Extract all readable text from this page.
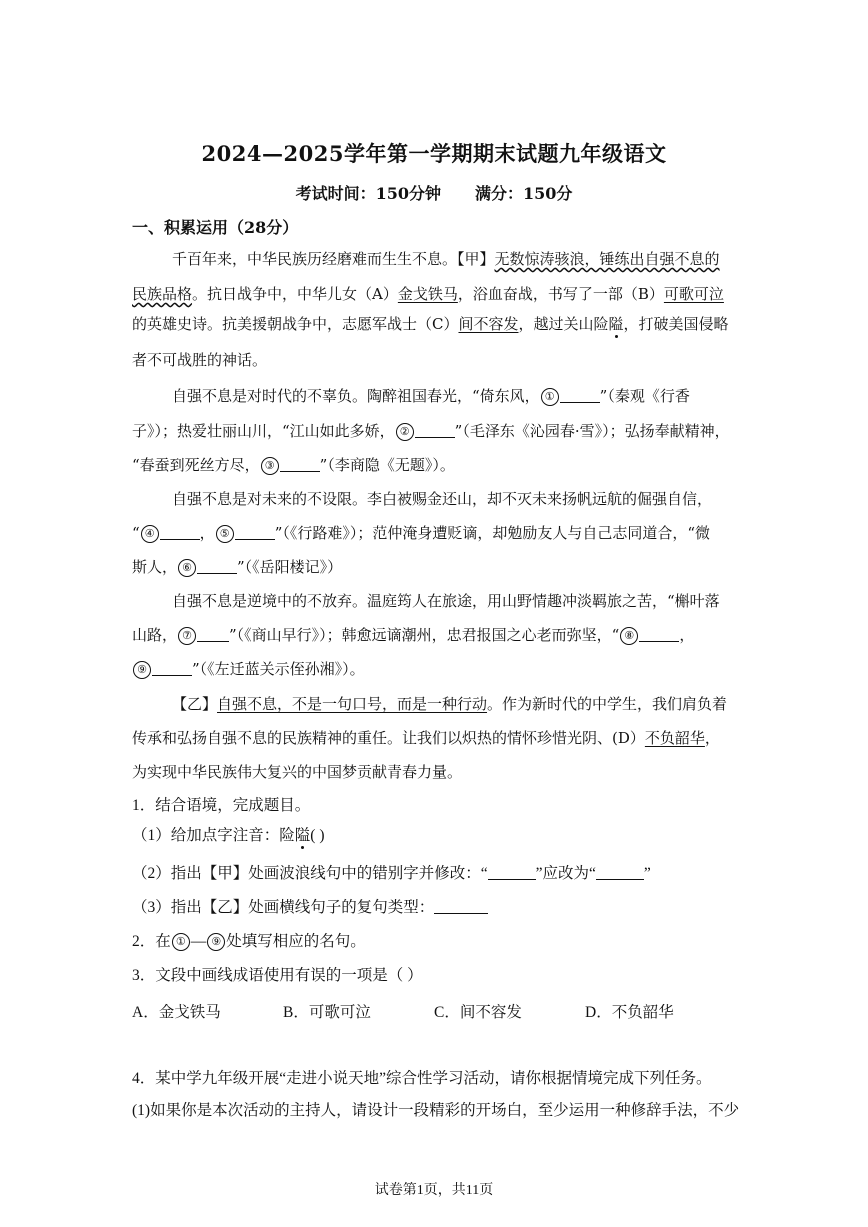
2024—2025学年第一学期期末试题九年级语文
考试时间：150分钟 满分：150分
一、积累运用（28分）
千百年来，中华民族历经磨难而生生不息。【甲】无数惊涛骇浪，锤练出自强不息的
民族品格。抗日战争中，中华儿女（A）金戈铁马，浴血奋战，书写了一部（B）可歌可泣
的英雄史诗。抗美援朝战争中，志愿军战士（C）间不容发，越过关山险隘，打破美国侵略
者不可战胜的神话。
自强不息是对时代的不辜负。陶醉祖国春光，“倚东风， ①	”（秦观《行香
子》）；热爱壮丽山川，“江山如此多娇， ②	”（毛泽东《沁园春·雪》）；弘扬奉献精神，
“春蚕到死丝方尽， ③	”（李商隐《无题》）。
自强不息是对未来的不设限。李白被赐金还山，却不灭未来扬帆远航的倔强自信，
“ ④	， ⑤	”（《行路难》）；范仲淹身遭贬谪，却勉励友人与自己志同道合，“微
斯人， ⑥	”（《岳阳楼记》）
自强不息是逆境中的不放弃。温庭筠人在旅途，用山野情趣冲淡羁旅之苦，“槲叶落
山路， ⑦ ”（《商山早行》）；韩愈远谪潮州，忠君报国之心老而弥坚，“ ⑧	，
⑨	”（《左迁蓝关示侄孙湘》）。
【乙】自强不息，不是一句口号，而是一种行动。作为新时代的中学生，我们肩负着
传承和弘扬自强不息的民族精神的重任。让我们以炽热的情怀珍惜光阴、(D）不负韶华，
为实现中华民族伟大复兴的中国梦贡献青春力量。
1．结合语境，完成题目。
（1）给加点字注音：险隘( )
（2）指出【甲】处画波浪线句中的错别字并修改：“	”应改为“	”
（3）指出【乙】处画横线句子的复句类型：
2．在 ① — ⑨ 处填写相应的名句。
3．文段中画线成语使用有误的一项是（ ）
A．金戈铁马	B．可歌可泣	C．间不容发	D．不负韶华
4．某中学九年级开展“走进小说天地”综合性学习活动，请你根据情境完成下列任务。
(1)如果你是本次活动的主持人，请设计一段精彩的开场白，至少运用一种修辞手法，不少
试卷第1页，共11页
